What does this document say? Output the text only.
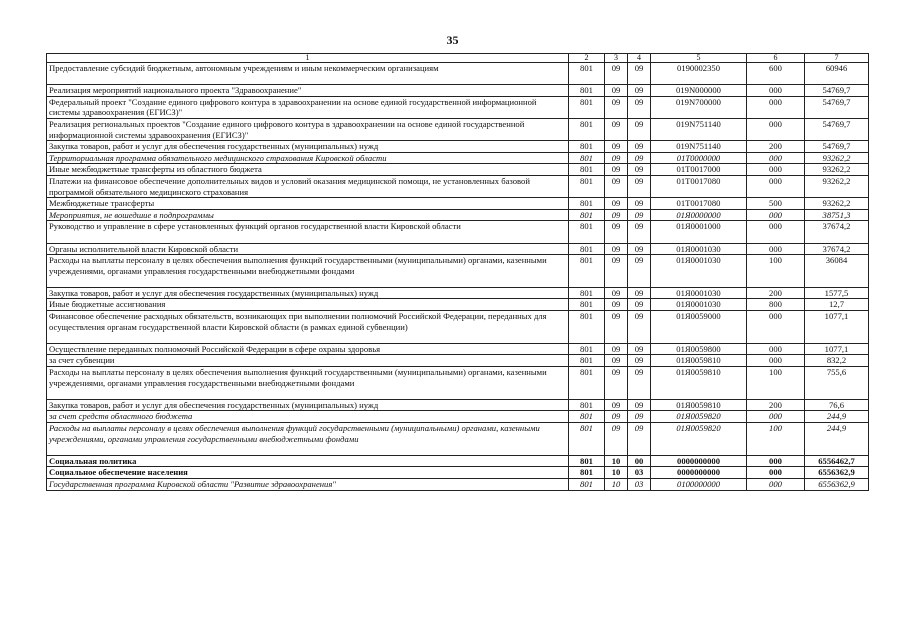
35
1	2	3	4	5	6	7
Предоставление субсидий бюджетным, автономным учреждениям и иным некоммерческим организациям	801	09	09	0190002350	600	60946
Реализация мероприятий национального проекта "Здравоохранение"	801	09	09	019N000000	000	54769,7
Федеральный проект "Создание единого цифрового контура в здравоохранении на основе единой государственной информационной системы здравоохранения (ЕГИСЗ)"	801	09	09	019N700000	000	54769,7
Реализация региональных проектов "Создание единого цифрового контура в здравоохранении на основе единой государственной информационной системы здравоохранения (ЕГИСЗ)"	801	09	09	019N751140	000	54769,7
Закупка товаров, работ и услуг для обеспечения государственных (муниципальных) нужд	801	09	09	019N751140	200	54769,7
Территориальная программа обязательного медицинского страхования Кировской области	801	09	09	01Т0000000	000	93262,2
Иные межбюджетные трансферты из областного бюджета	801	09	09	01Т0017000	000	93262,2
Платежи на финансовое обеспечение дополнительных видов и условий оказания медицинской помощи, не установленных базовой программой обязательного медицинского страхования	801	09	09	01Т0017080	000	93262,2
Межбюджетные трансферты	801	09	09	01Т0017080	500	93262,2
Мероприятия, не вошедшие в подпрограммы	801	09	09	01Я0000000	000	38751,3
Руководство и управление в сфере установленных функций органов государственной власти Кировской области	801	09	09	01Я0001000	000	37674,2
Органы исполнительной власти Кировской области	801	09	09	01Я0001030	000	37674,2
Расходы на выплаты персоналу в целях обеспечения выполнения функций государственными (муниципальными) органами, казенными учреждениями, органами управления государственными внебюджетными фондами	801	09	09	01Я0001030	100	36084
Закупка товаров, работ и услуг для обеспечения государственных (муниципальных) нужд	801	09	09	01Я0001030	200	1577,5
Иные бюджетные ассигнования	801	09	09	01Я0001030	800	12,7
Финансовое обеспечение расходных обязательств, возникающих при выполнении полномочий Российской Федерации, переданных для осуществления органам государственной власти Кировской области (в рамках единой субвенции)	801	09	09	01Я0059000	000	1077,1
Осуществление переданных полномочий Российской Федерации в сфере охраны здоровья	801	09	09	01Я0059800	000	1077,1
за счет субвенции	801	09	09	01Я0059810	000	832,2
Расходы на выплаты персоналу в целях обеспечения выполнения функций государственными (муниципальными) органами, казенными учреждениями, органами управления государственными внебюджетными фондами	801	09	09	01Я0059810	100	755,6
Закупка товаров, работ и услуг для обеспечения государственных (муниципальных) нужд	801	09	09	01Я0059810	200	76,6
за счет средств областного бюджета	801	09	09	01Я0059820	000	244,9
Расходы на выплаты персоналу в целях обеспечения выполнения функций государственными (муниципальными) органами, казенными учреждениями, органами управления государственными внебюджетными фондами	801	09	09	01Я0059820	100	244,9
Социальная политика	801	10	00	0000000000	000	6556462,7
Социальное обеспечение населения	801	10	03	0000000000	000	6556362,9
Государственная программа Кировской области "Развитие здравоохранения"	801	10	03	0100000000	000	6556362,9
